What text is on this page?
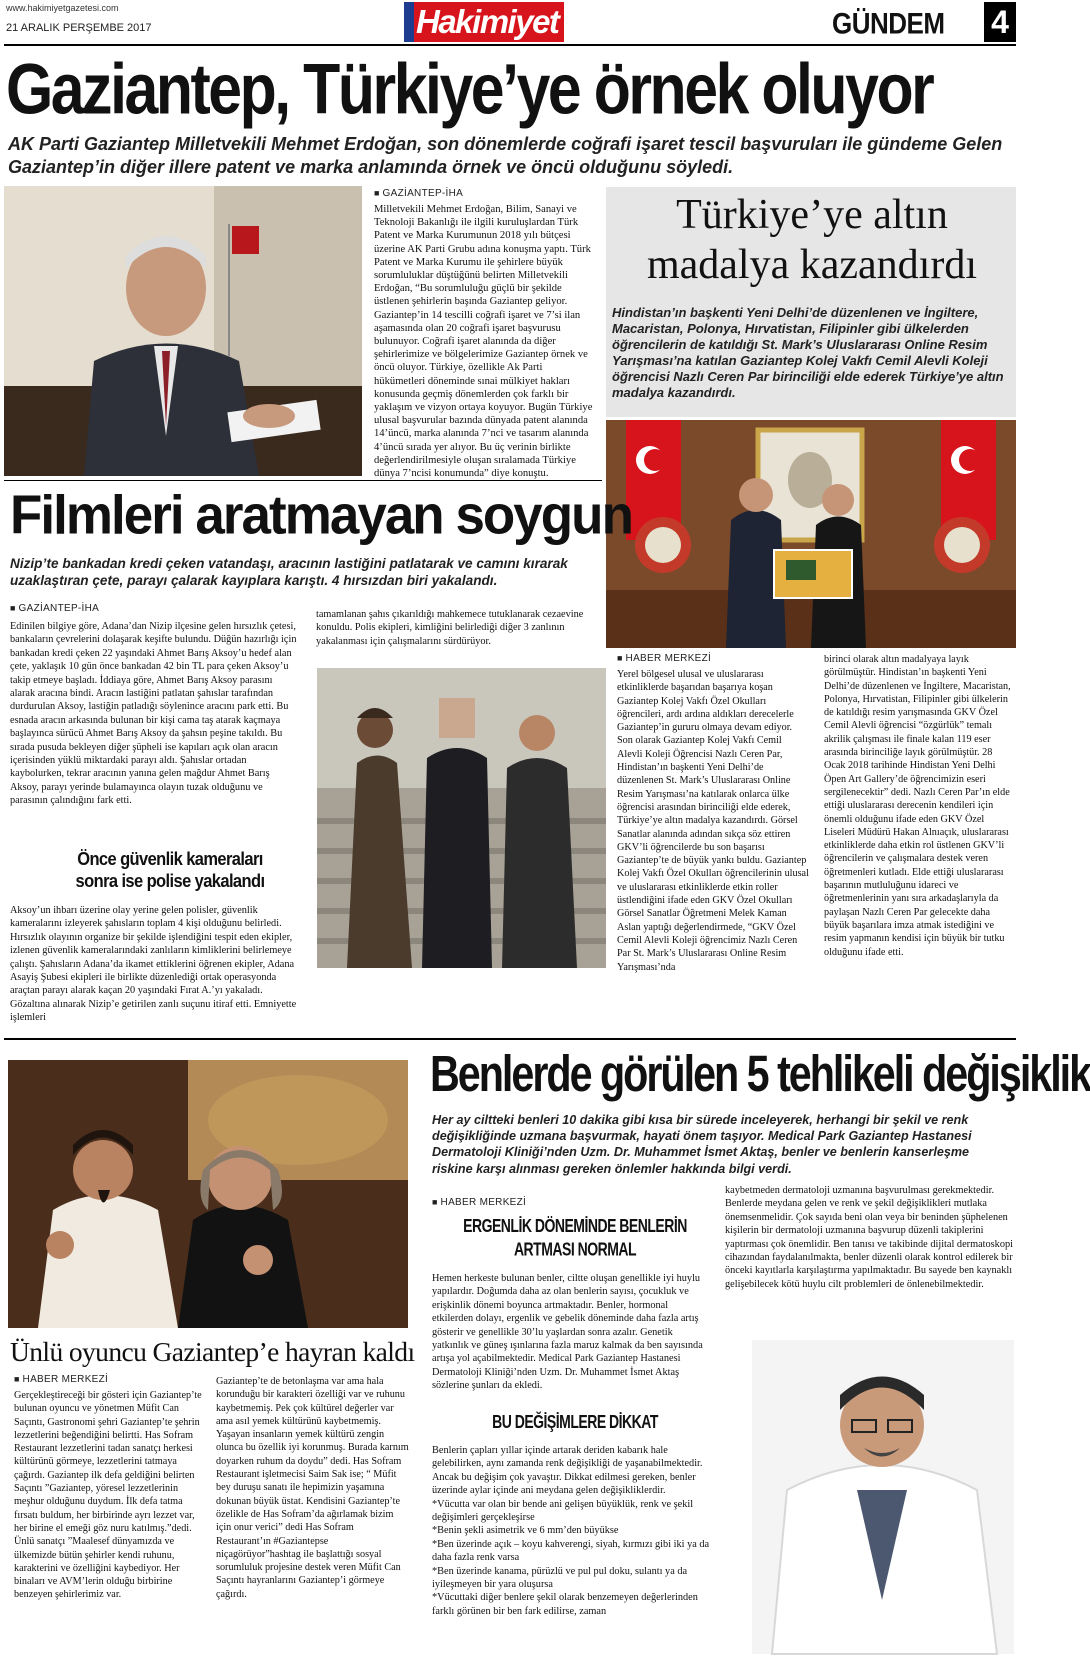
www.hakimiyetgazetesi.com
21 ARALIK PERŞEMBE 2017	Hakimiyet	GÜNDEM 4
Gaziantep, Türkiye’ye örnek oluyor
AK Parti Gaziantep Milletvekili Mehmet Erdoğan, son dönemlerde coğrafi işaret tescil başvuruları ile gündeme Gelen Gaziantep’in diğer illere patent ve marka anlamında örnek ve öncü olduğunu söyledi.
■ GAZİANTEP-İHA
Milletvekili Mehmet Erdoğan, Bilim, Sanayi ve Teknoloji Bakanlığı ile ilgili kuruluşlardan Türk Patent ve Marka Kurumunun 2018 yılı bütçesi üzerine AK Parti Grubu adına konuşma yaptı. Türk Patent ve Marka Kurumu ile şehirlere büyük sorumluluklar düştüğünü belirten Milletvekili Erdoğan, “Bu sorumluluğu güçlü bir şekilde üstlenen şehirlerin başında Gaziantep geliyor. Gaziantep’in 14 tescilli coğrafi işaret ve 7’si ilan aşamasında olan 20 coğrafi işaret başvurusu bulunuyor. Coğrafi işaret alanında da diğer şehirlerimize ve bölgelerimize Gaziantep örnek ve öncü oluyor. Türkiye, özellikle Ak Parti hükümetleri döneminde sınai mülkiyet hakları konusunda geçmiş dönemlerden çok farklı bir yaklaşım ve vizyon ortaya koyuyor. Bugün Türkiye ulusal başvurular bazında dünyada patent alanında 14’üncü, marka alanında 7’nci ve tasarım alanında 4’üncü sırada yer alıyor. Bu üç verinin birlikte değerlendirilmesiyle oluşan sıralamada Türkiye dünya 7’ncisi konumunda” diye konuştu.
Türkiye’ye altın madalya kazandırdı
Hindistan’ın başkenti Yeni Delhi’de düzenlenen ve İngiltere, Macaristan, Polonya, Hırvatistan, Filipinler gibi ülkelerden öğrencilerin de katıldığı St. Mark’s Uluslararası Online Resim Yarışması’na katılan Gaziantep Kolej Vakfı Cemil Alevli Koleji öğrencisi Nazlı Ceren Par birinciliği elde ederek Türkiye’ye altın madalya kazandırdı.
■ HABER MERKEZİ
Yerel bölgesel ulusal ve uluslararası etkinliklerde başarıdan başarıya koşan Gaziantep Kolej Vakfı Özel Okulları öğrencileri, ardı ardına aldıkları derecelerle Gaziantep’in gururu olmaya devam ediyor. Son olarak Gaziantep Kolej Vakfı Cemil Alevli Koleji Öğrencisi Nazlı Ceren Par, Hindistan’ın başkenti Yeni Delhi’de düzenlenen St. Mark’s Uluslararası Online Resim Yarışması’na katılarak onlarca ülke öğrencisi arasından birinciliği elde ederek, Türkiye’ye altın madalya kazandırdı. Görsel Sanatlar alanında adından sıkça söz ettiren GKV’li öğrencilerde bu son başarısı Gaziantep’te de büyük yankı buldu. Gaziantep Kolej Vakfı Özel Okulları öğrencilerinin ulusal ve uluslararası etkinliklerde etkin roller üstlendiğini ifade eden GKV Özel Okulları Görsel Sanatlar Öğretmeni Melek Kaman Aslan yaptığı değerlendirmede, “GKV Özel Cemil Alevli Koleji öğrencimiz Nazlı Ceren Par St. Mark’s Uluslararası Online Resim Yarışması’nda
birinci olarak altın madalyaya layık görülmüştür. Hindistan’ın başkenti Yeni Delhi’de düzenlenen ve İngiltere, Macaristan, Polonya, Hırvatistan, Filipinler gibi ülkelerin de katıldığı resim yarışmasında GKV Özel Cemil Alevli öğrencisi “özgürlük” temalı akrilik çalışması ile finale kalan 119 eser arasında birinciliğe layık görülmüştür. 28 Ocak 2018 tarihinde Hindistan Yeni Delhi Öpen Art Gallery’de öğrencimizin eseri sergilenecektir” dedi. Nazlı Ceren Par’ın elde ettiği uluslararası derecenin kendileri için önemli olduğunu ifade eden GKV Özel Liseleri Müdürü Hakan Alnıaçık, uluslararası etkinliklerde daha etkin rol üstlenen GKV’li öğrencilerin ve çalışmalara destek veren öğretmenleri kutladı. Elde ettiği uluslararası başarının mutluluğunu idareci ve öğretmenlerinin yanı sıra arkadaşlarıyla da paylaşan Nazlı Ceren Par gelecekte daha büyük başarılara imza atmak istediğini ve resim yapmanın kendisi için büyük bir tutku olduğunu ifade etti.
Filmleri aratmayan soygun
Nizip’te bankadan kredi çeken vatandaşı, aracının lastiğini patlatarak ve camını kırarak uzaklaştıran çete, parayı çalarak kayıplara karıştı. 4 hırsızdan biri yakalandı.
■ GAZİANTEP-İHA
Edinilen bilgiye göre, Adana’dan Nizip ilçesine gelen hırsızlık çetesi, bankaların çevrelerini dolaşarak keşifte bulundu. Düğün hazırlığı için bankadan kredi çeken 22 yaşındaki Ahmet Barış Aksoy’u hedef alan çete, yaklaşık 10 gün önce bankadan 42 bin TL para çeken Aksoy’u takip etmeye başladı. İddiaya göre, Ahmet Barış Aksoy parasını alarak aracına bindi. Aracın lastiğini patlatan şahıslar tarafından durdurulan Aksoy, lastiğin patladığı söylenince aracını park etti. Bu esnada aracın arkasında bulunan bir kişi cama taş atarak kaçmaya başlayınca sürücü Ahmet Barış Aksoy da şahsın peşine takıldı. Bu sırada pusuda bekleyen diğer şüpheli ise kapıları açık olan aracın içerisinden yüklü miktardaki parayı aldı. Şahıslar ortadan kaybolurken, tekrar aracının yanına gelen mağdur Ahmet Barış Aksoy, parayı yerinde bulamayınca olayın tuzak olduğunu ve parasının çalındığını fark etti.
tamamlanan şahıs çıkarıldığı mahkemece tutuklanarak cezaevine konuldu. Polis ekipleri, kimliğini belirlediği diğer 3 zanlının yakalanması için çalışmalarını sürdürüyor.
Önce güvenlik kameraları sonra ise polise yakalandı
Aksoy’un ihbarı üzerine olay yerine gelen polisler, güvenlik kameralarını izleyerek şahısların toplam 4 kişi olduğunu belirledi. Hırsızlık olayının organize bir şekilde işlendiğini tespit eden ekipler, izlenen güvenlik kameralarındaki zanlıların kimliklerini belirlemeye çalıştı. Şahısların Adana’da ikamet ettiklerini öğrenen ekipler, Adana Asayiş Şubesi ekipleri ile birlikte düzenlediği ortak operasyonda araçtan parayı alarak kaçan 20 yaşındaki Fırat A.’yı yakaladı. Gözaltına alınarak Nizip’e getirilen zanlı suçunu itiraf etti. Emniyette işlemleri
Ünlü oyuncu Gaziantep’e hayran kaldı
■ HABER MERKEZİ
Gerçekleştireceği bir gösteri için Gaziantep’te bulunan oyuncu ve yönetmen Müfit Can Saçıntı, Gastronomi şehri Gaziantep’te şehrin lezzetlerini beğendiğini belirtti. Has Sofram Restaurant lezzetlerini tadan sanatçı herkesi kültürünü görmeye, lezzetlerini tatmaya çağırdı. Gaziantep ilk defa geldiğini belirten Saçıntı ”Gaziantep, yöresel lezzetlerinin meşhur olduğunu duydum. İlk defa tatma fırsatı buldum, her birbirinde ayrı lezzet var, her birine el emeği göz nuru katılmış.”dedi. Ünlü sanatçı ”Maalesef dünyamızda ve ülkemizde bütün şehirler kendi ruhunu, karakterini ve özelliğini kaybediyor. Her binaları ve AVM’lerin olduğu birbirine benzeyen şehirlerimiz var.
Gaziantep’te de betonlaşma var ama hala korunduğu bir karakteri özelliği var ve ruhunu kaybetmemiş. Pek çok kültürel değerler var ama asıl yemek kültürünü kaybetmemiş. Yaşayan insanların yemek kültürü zengin olunca bu özellik iyi korunmuş. Burada karnım doyarken ruhum da doydu” dedi. Has Sofram Restaurant işletmecisi Saim Sak ise; “ Müfit bey duruşu sanatı ile hepimizin yaşamına dokunan büyük üstat. Kendisini Gaziantep’te özelikle de Has Sofram’da ağırlamak bizim için onur verici” dedi Has Sofram Restaurant’ın #Gaziantepse niçagörüyor”hashtag ile başlattığı sosyal sorumluluk projesine destek veren Müfit Can Saçıntı hayranlarını Gaziantep’i görmeye çağırdı.
Benlerde görülen 5 tehlikeli değişiklik
Her ay ciltteki benleri 10 dakika gibi kısa bir sürede inceleyerek, herhangi bir şekil ve renk değişikliğinde uzmana başvurmak, hayati önem taşıyor. Medical Park Gaziantep Hastanesi Dermatoloji Kliniği’nden Uzm. Dr. Muhammet İsmet Aktaş, benler ve benlerin kanserleşme riskine karşı alınması gereken önlemler hakkında bilgi verdi.
■ HABER MERKEZİ
ERGENLİK DÖNEMİNDE BENLERİN ARTMASI NORMAL
Hemen herkeste bulunan benler, ciltte oluşan genellikle iyi huylu yapılardır. Doğumda daha az olan benlerin sayısı, çocukluk ve erişkinlik dönemi boyunca artmaktadır. Benler, hormonal etkilerden dolayı, ergenlik ve gebelik döneminde daha fazla artış gösterir ve genellikle 30’lu yaşlardan sonra azalır. Genetik yatkınlık ve güneş ışınlarına fazla maruz kalmak da ben sayısında artışa yol açabilmektedir. Medical Park Gaziantep Hastanesi Dermatoloji Kliniği’nden Uzm. Dr. Muhammet İsmet Aktaş sözlerine şunları da ekledi.
BU DEĞİŞİMLERE DİKKAT

Benlerin çapları yıllar içinde artarak deriden kabarık hale gelebilirken, aynı zamanda renk değişikliği de yaşanabilmektedir. Ancak bu değişim çok yavaştır. Dikkat edilmesi gereken, benler üzerinde aylar içinde ani meydana gelen değişikliklerdir.

*Vücutta var olan bir bende ani gelişen büyüklük, renk ve şekil değişimleri gerçekleşirse

*Benin şekli asimetrik ve 6 mm’den büyükse

*Ben üzerinde açık – koyu kahverengi, siyah, kırmızı gibi iki ya da daha fazla renk varsa

*Ben üzerinde kanama, pürüzlü ve pul pul doku, sulantı ya da iyileşmeyen bir yara oluşursa

*Vücuttaki diğer benlere şekil olarak benzemeyen değerlerinden farklı görünen bir ben fark edilirse, zaman

kaybetmeden dermatoloji uzmanına başvurulması gerekmektedir. Benlerde meydana gelen ve renk ve şekil değişiklikleri mutlaka önemsenmelidir. Çok sayıda beni olan veya bir beninden şüphelenen kişilerin bir dermatoloji uzmanına başvurup düzenli takiplerini yaptırması çok önemlidir. Ben tanısı ve takibinde dijital dermatoskopi cihazından faydalanılmakta, benler düzenli olarak kontrol edilerek bir önceki kayıtlarla karşılaştırma yapılmaktadır. Bu sayede ben kaynaklı gelişebilecek kötü huylu cilt problemleri de önlenebilmektedir.
